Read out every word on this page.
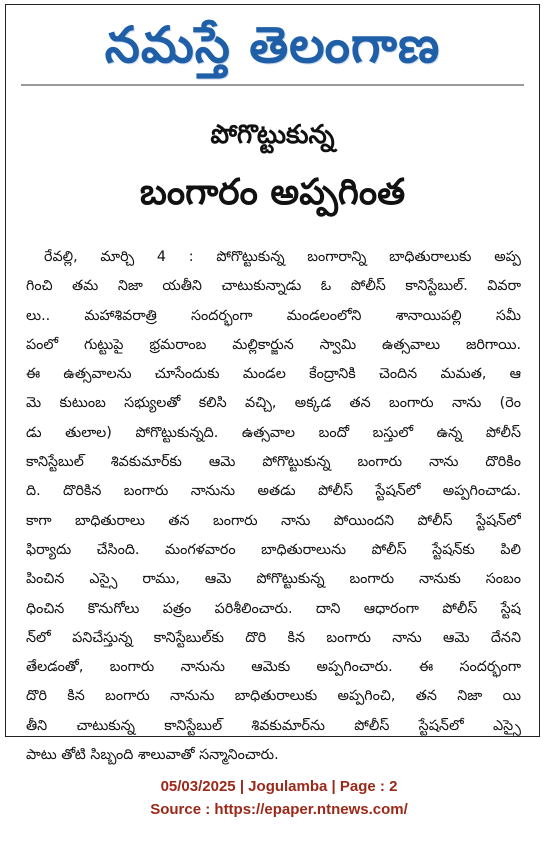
నమస్తే తెలంగాణ
పోగొట్టుకున్న
బంగారం అప్పగింత
రేవల్లి, మార్చి 4 : పోగొట్టుకున్న బంగారాన్ని బాధితురాలుకు అప్ప
గించి తమ నిజా యతీని చాటుకున్నాడు ఓ పోలీస్ కానిస్టేబుల్. వివరా
లు.. మహాశివరాత్రి సందర్భంగా మండలంలోని శానాయిపల్లి సమీ
పంలో గుట్టుపై భ్రమరాంబ మల్లికార్జున స్వామి ఉత్సవాలు జరిగాయి.
ఈ ఉత్సవాలను చూసేందుకు మండల కేంద్రానికి చెందిన మమత, ఆ
మె కుటుంబ సభ్యులతో కలిసి వచ్చి, అక్కడ తన బంగారు నాను (రెం
డు తులాల) పోగొట్టుకున్నది. ఉత్సవాల బందో బస్తులో ఉన్న పోలీస్
కానిస్టేబుల్ శివకుమార్‌కు ఆమె పోగొట్టుకున్న బంగారు నాను దొరికిం
ది. దొరికిన బంగారు నానును అతడు పోలీస్ స్టేషన్‌లో అప్పగించాడు.
కాగా బాధితురాలు తన బంగారు నాను పోయిందని పోలీస్ స్టేషన్‌లో
ఫిర్యాదు చేసింది. మంగళవారం బాధితురాలును పోలీస్ స్టేషన్‌కు పిలి
పించిన ఎస్సై రాము, ఆమె పోగొట్టుకున్న బంగారు నానుకు సంబం
ధించిన కొనుగోలు పత్రం పరిశీలించారు. దాని ఆధారంగా పోలీస్ స్టేష
న్‌లో పనిచేస్తున్న కానిస్టేబుల్‌కు దొరి కిన బంగారు నాను ఆమె దేనని
తేలడంతో, బంగారు నానును ఆమెకు అప్పగించారు. ఈ సందర్భంగా
దొరి కిన బంగారు నానును బాధితురాలుకు అప్పగించి, తన నిజా యి
తీని చాటుకున్న కానిస్టేబుల్ శివకుమార్‌ను పోలీస్ స్టేషన్‌లో ఎస్సై
పాటు తోటి సిబ్బంది శాలువాతో సన్మానించారు.
05/03/2025 | Jogulamba | Page : 2
Source : https://epaper.ntnews.com/
